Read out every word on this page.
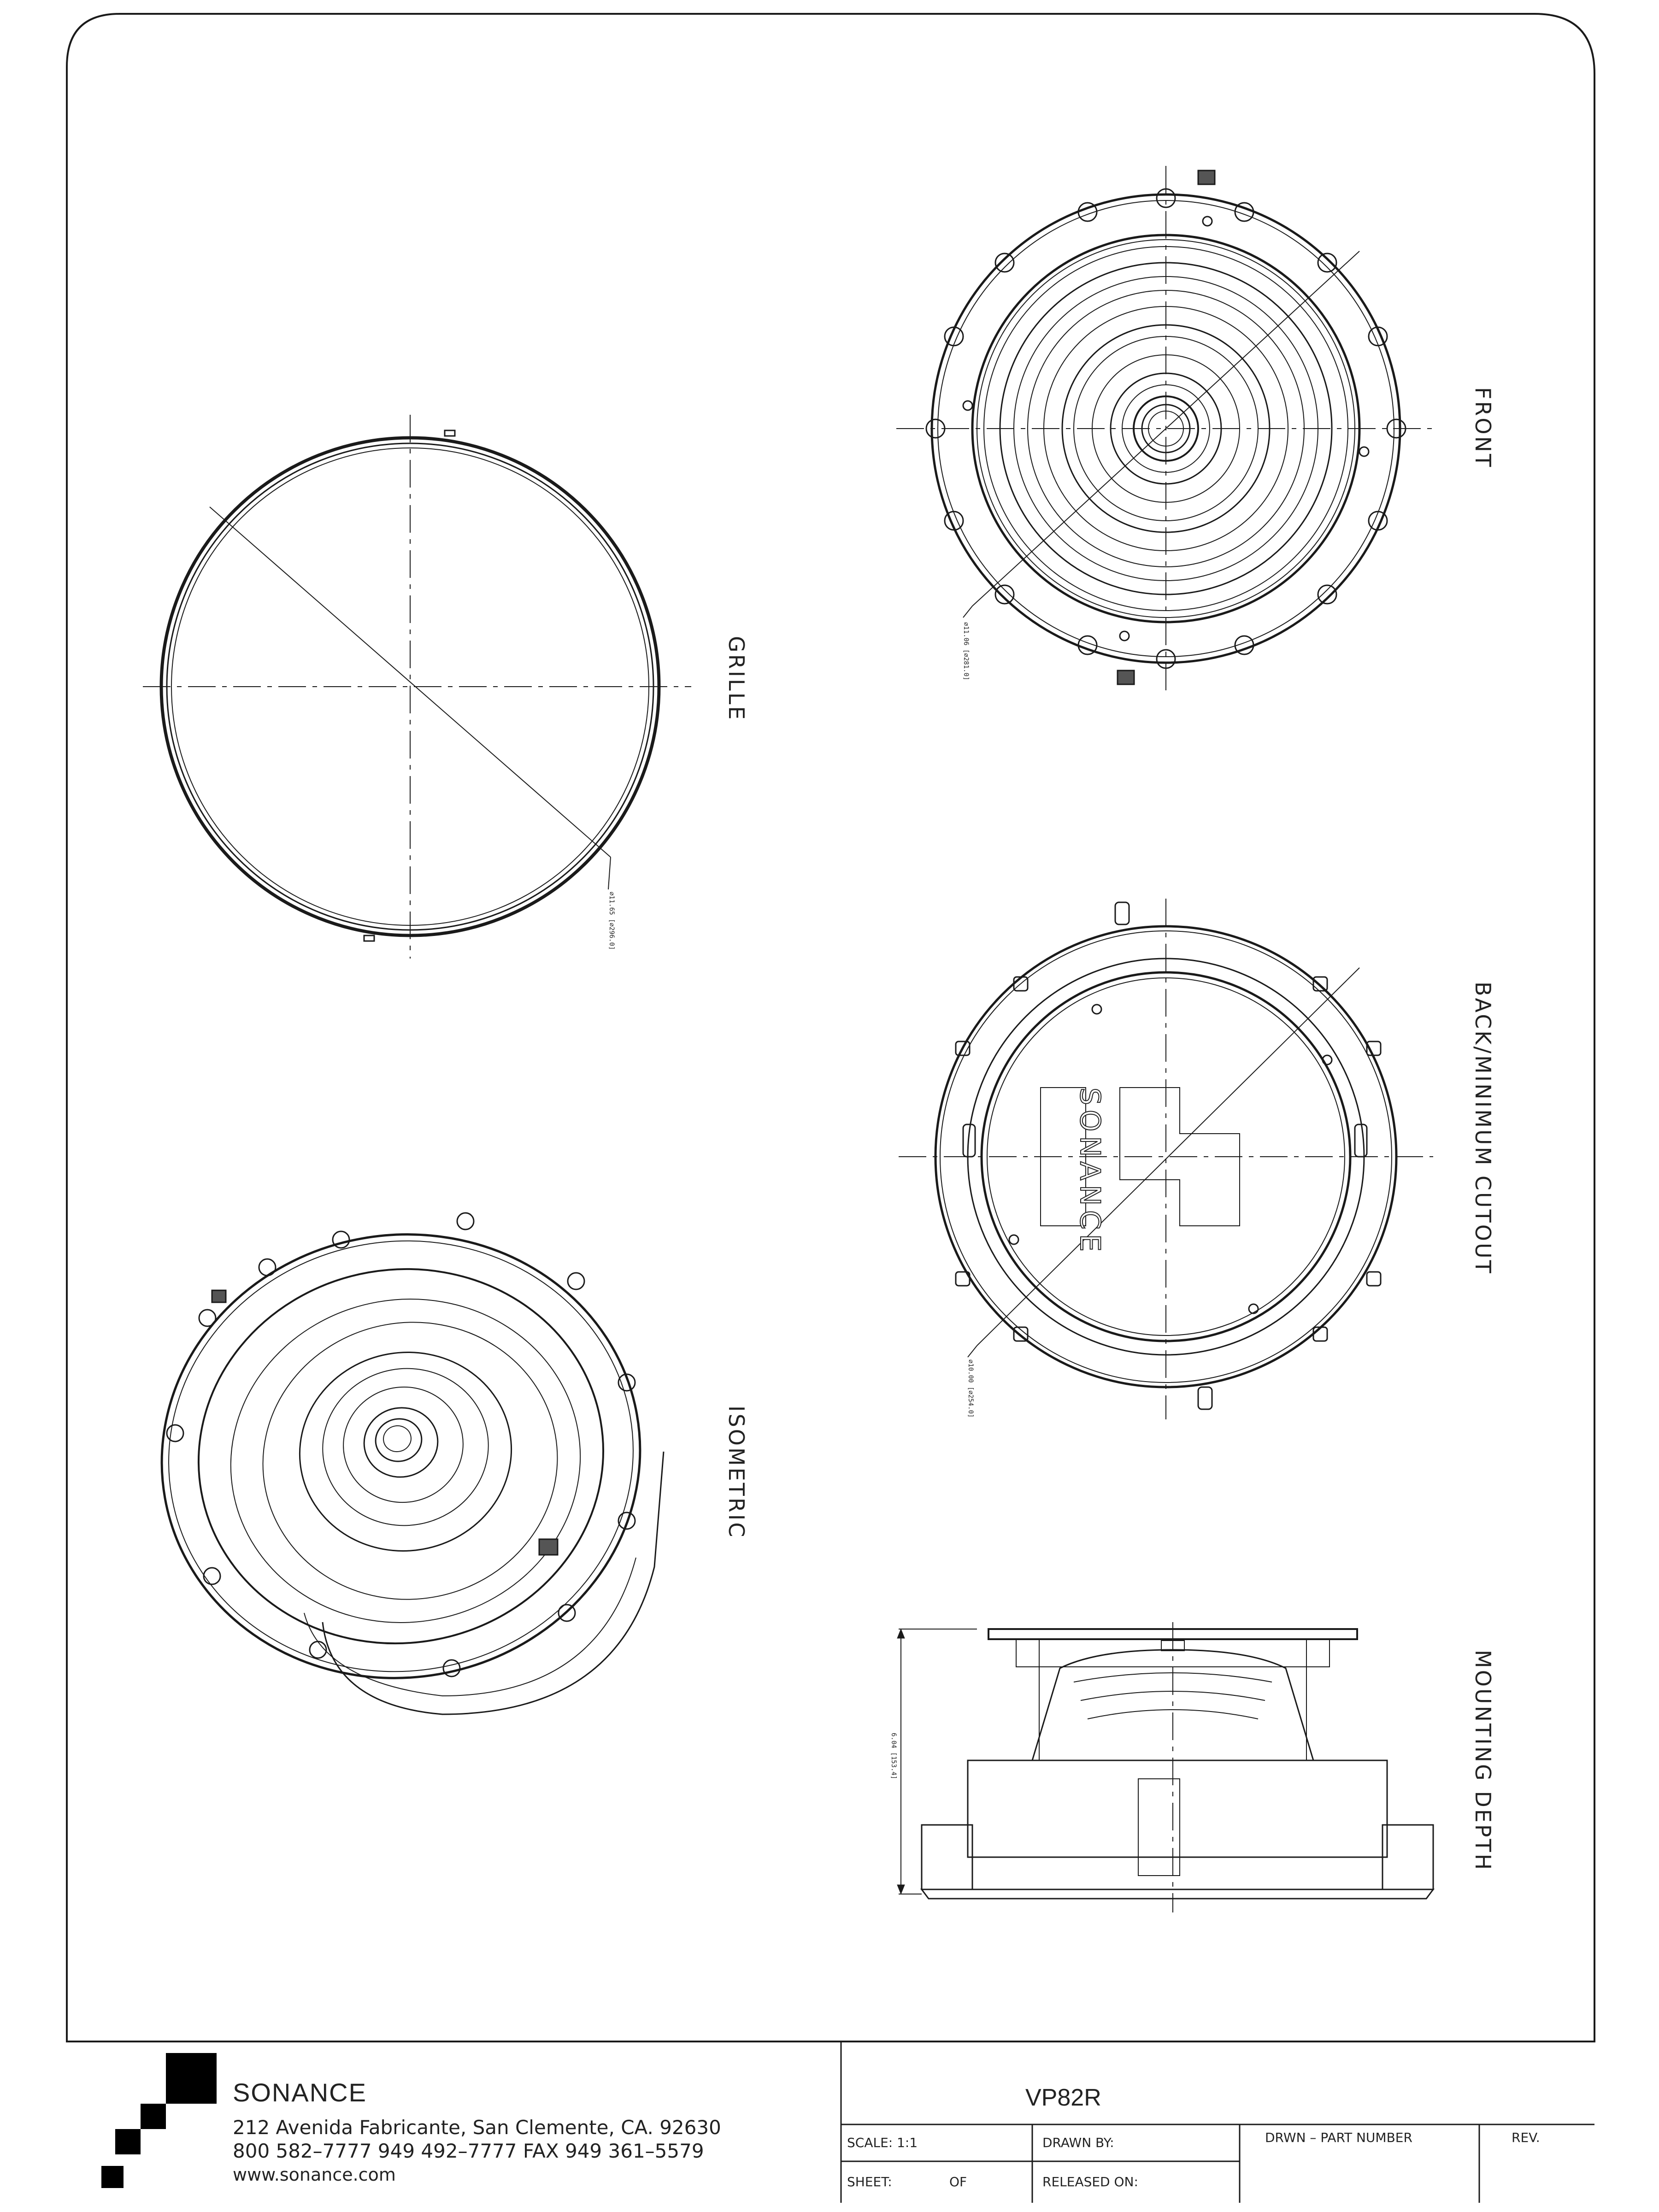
FRONT
GRILLE
BACK/MINIMUM CUTOUT
ISOMETRIC
MOUNTING DEPTH
⌀11.06 [⌀281.0]
⌀11.65 [⌀296.0]
⌀10.00 [⌀254.0]
6.04 [153.4]
SONANCE
SONANCE
212 Avenida Fabricante, San Clemente, CA. 92630
800 582–7777 949 492–7777 FAX 949 361–5579
www.sonance.com
VP82R
SCALE: 1:1	DRAWN BY:	DRWN – PART NUMBER	REV.
SHEET:	OF	RELEASED ON:
